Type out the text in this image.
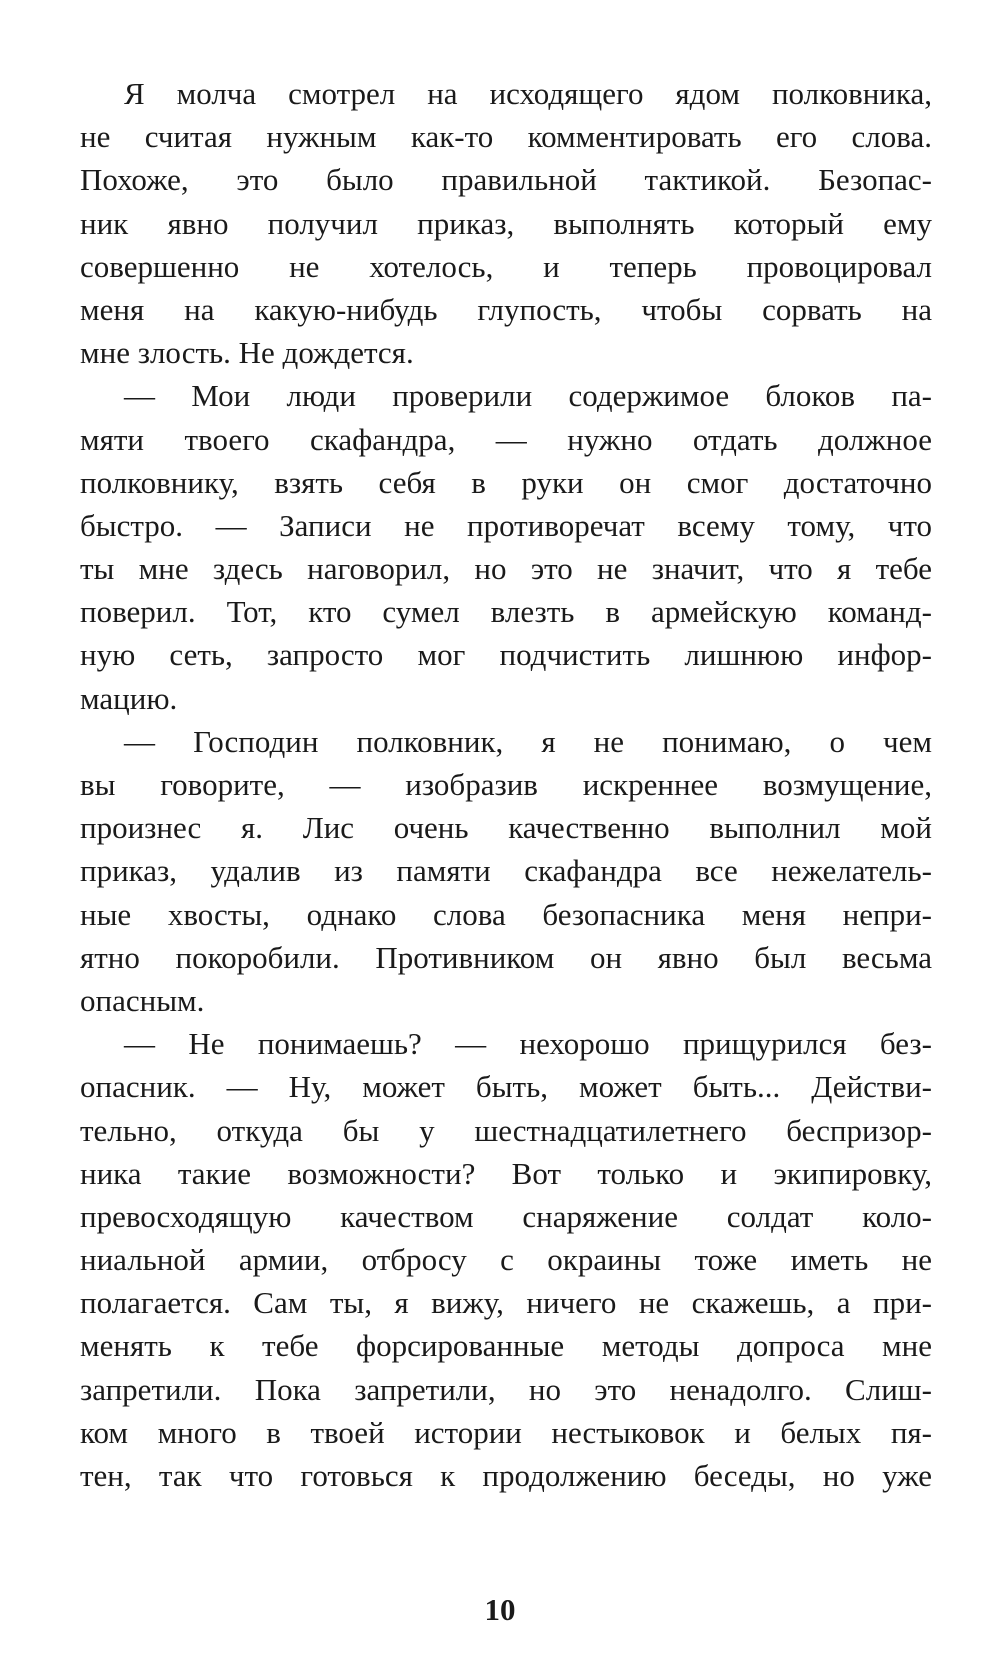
Я молча смотрел на исходящего ядом полковника,
не считая нужным как-то комментировать его слова.
Похоже, это было правильной тактикой. Безопас-
ник явно получил приказ, выполнять который ему
совершенно не хотелось, и теперь провоцировал
меня на какую-нибудь глупость, чтобы сорвать на
мне злость. Не дождется.
— Мои люди проверили содержимое блоков па-
мяти твоего скафандра, — нужно отдать должное
полковнику, взять себя в руки он смог достаточно
быстро. — Записи не противоречат всему тому, что
ты мне здесь наговорил, но это не значит, что я тебе
поверил. Тот, кто сумел влезть в армейскую команд-
ную сеть, запросто мог подчистить лишнюю инфор-
мацию.
— Господин полковник, я не понимаю, о чем
вы говорите, — изобразив искреннее возмущение,
произнес я. Лис очень качественно выполнил мой
приказ, удалив из памяти скафандра все нежелатель-
ные хвосты, однако слова безопасника меня непри-
ятно покоробили. Противником он явно был весьма
опасным.
— Не понимаешь? — нехорошо прищурился без-
опасник. — Ну, может быть, может быть... Действи-
тельно, откуда бы у шестнадцатилетнего беспризор-
ника такие возможности? Вот только и экипировку,
превосходящую качеством снаряжение солдат коло-
ниальной армии, отбросу с окраины тоже иметь не
полагается. Сам ты, я вижу, ничего не скажешь, а при-
менять к тебе форсированные методы допроса мне
запретили. Пока запретили, но это ненадолго. Слиш-
ком много в твоей истории нестыковок и белых пя-
тен, так что готовься к продолжению беседы, но уже
10
